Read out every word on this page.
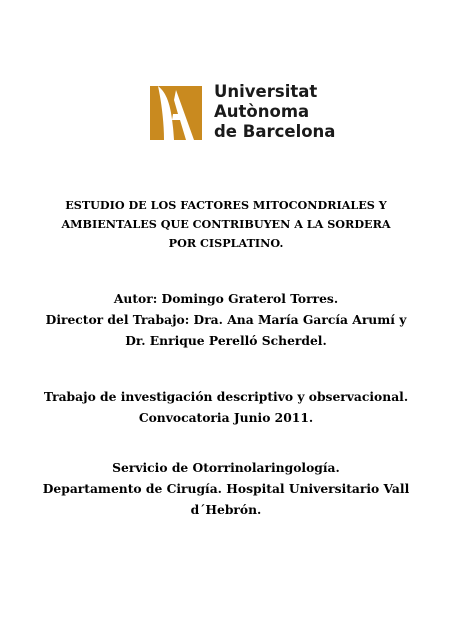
Universitat
Autònoma
de Barcelona
ESTUDIO DE LOS FACTORES MITOCONDRIALES Y
AMBIENTALES QUE CONTRIBUYEN A LA SORDERA
POR CISPLATINO.
Autor: Domingo Graterol Torres.
Director del Trabajo: Dra. Ana María García Arumí y
Dr. Enrique Perelló Scherdel.
Trabajo de investigación descriptivo y observacional.
Convocatoria Junio 2011.
Servicio de Otorrinolaringología.
Departamento de Cirugía. Hospital Universitario Vall
d´Hebrón.
